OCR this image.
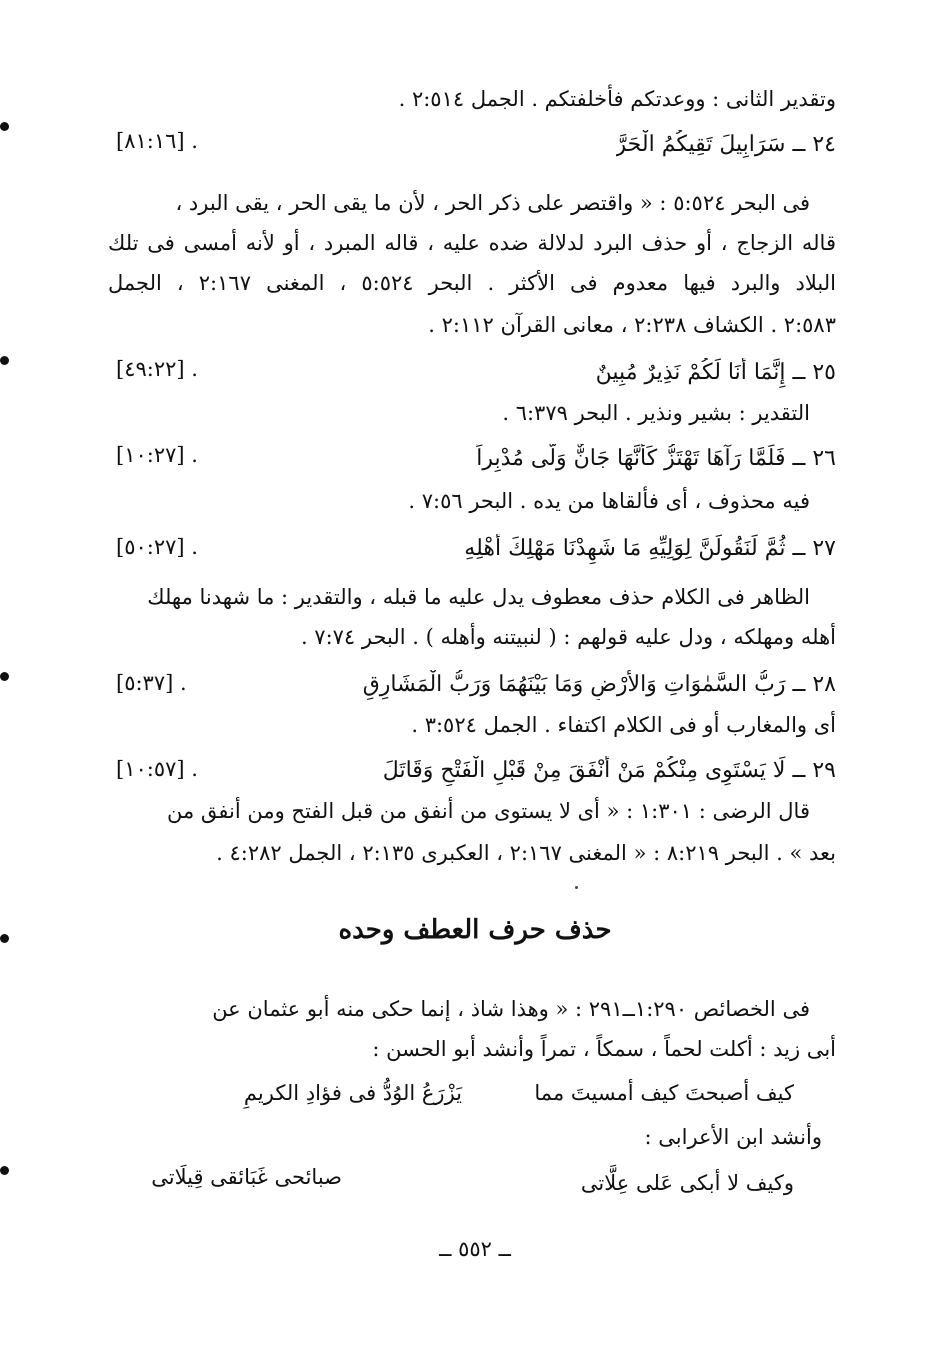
وتقدير الثانى : ووعدتكم فأخلفتكم . الجمل ٢:٥١٤ .
٢٤ ــ سَرَابِيلَ تَقِيكُمُ الْحَرَّ
[٨١:١٦] .
فى البحر ٥:٥٢٤ : « واقتصر على ذكر الحر ، لأن ما يقى الحر ، يقى البرد ،
قاله الزجاج ، أو حذف البرد لدلالة ضده عليه ، قاله المبرد ، أو لأنه أمسى فى تلك
البلاد والبرد فيها معدوم فى الأكثر . البحر ٥:٥٢٤ ، المغنى ٢:١٦٧ ، الجمل
٢:٥٨٣ . الكشاف ٢:٢٣٨ ، معانى القرآن ٢:١١٢ .
٢٥ ــ إِنَّمَا أَنَا لَكُمْ نَذِيرٌ مُبِينٌ
[٤٩:٢٢] .
التقدير : بشير ونذير . البحر ٦:٣٧٩ .
٢٦ ــ فَلَمَّا رَآهَا تَهْتَزُّ كَأَنَّهَا جَانٌّ وَلَّى مُدْبِراً
[١٠:٢٧] .
فيه محذوف ، أى فألقاها من يده . البحر ٧:٥٦ .
٢٧ ــ ثُمَّ لَنَقُولَنَّ لِوَلِيِّهِ مَا شَهِدْنَا مَهْلِكَ أَهْلِهِ
[٥٠:٢٧] .
الظاهر فى الكلام حذف معطوف يدل عليه ما قبله ، والتقدير : ما شهدنا مهلك
أهله ومهلكه ، ودل عليه قولهم : ( لنبيتنه وأهله ) . البحر ٧:٧٤ .
٢٨ ــ رَبُّ السَّمٰوَاتِ وَالأَرْضِ وَمَا بَيْنَهُمَا وَرَبُّ الْمَشَارِقِ
[٥:٣٧] .
أى والمغارب أو فى الكلام اكتفاء . الجمل ٣:٥٢٤ .
٢٩ ــ لَا يَسْتَوِى مِنْكُمْ مَنْ أَنْفَقَ مِنْ قَبْلِ الْفَتْحِ وَقَاتَلَ
[١٠:٥٧] .
قال الرضى : ١:٣٠١ : « أى لا يستوى من أنفق من قبل الفتح ومن أنفق من
بعد » . البحر ٨:٢١٩ : « المغنى ٢:١٦٧ ، العكبرى ٢:١٣٥ ، الجمل ٤:٢٨٢ .
حذف حرف العطف وحده
فى الخصائص ١:٢٩٠ــ٢٩١ : « وهذا شاذ ، إنما حكى منه أبو عثمان عن
أبى زيد : أكلت لحماً ، سمكاً ، تمراً وأنشد أبو الحسن :
كيف أصبحتَ كيف أمسيتَ مما
يَزْرَعُ الوُدُّ فى فؤادِ الكريمِ
وأنشد ابن الأعرابى :
وكيف لا أبكى عَلى عِلَّاتى
صبائحى غَبَائقى قِيلَاتى
ــ ٥٥٢ ــ
